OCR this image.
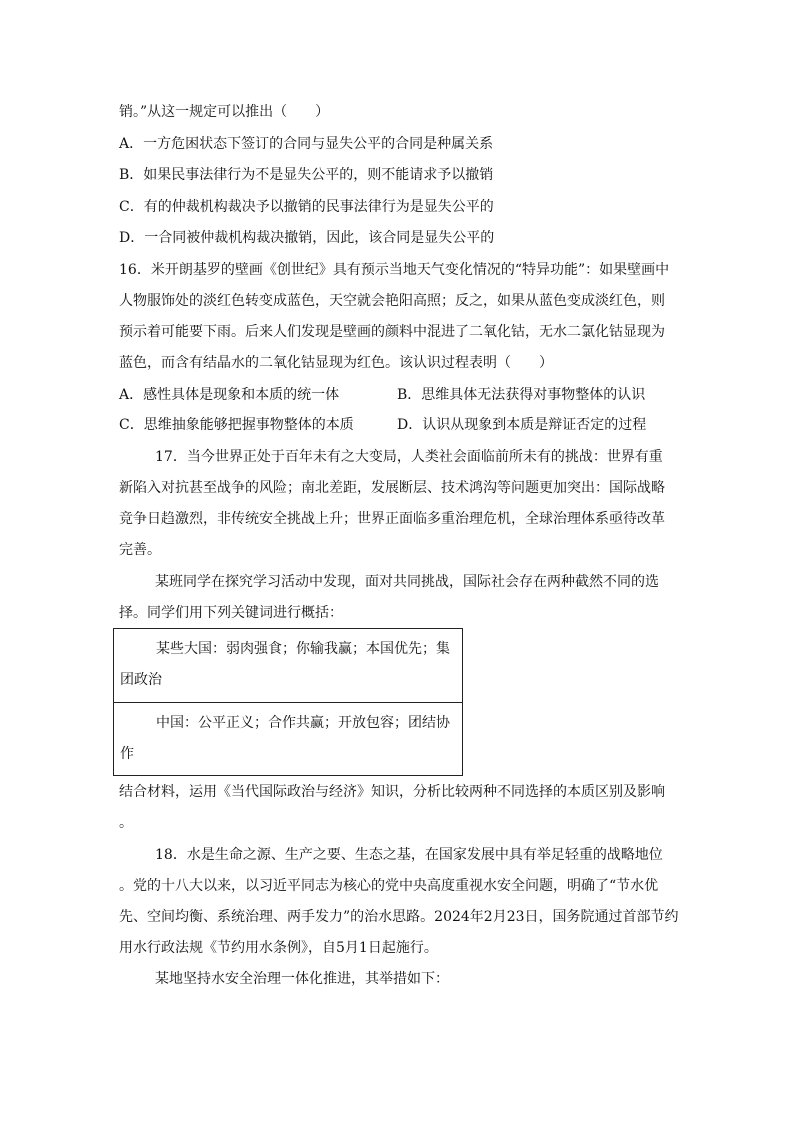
销。”从这一规定可以推出（　　）
A．一方危困状态下签订的合同与显失公平的合同是种属关系
B．如果民事法律行为不是显失公平的，则不能请求予以撤销
C．有的仲裁机构裁决予以撤销的民事法律行为是显失公平的
D．一合同被仲裁机构裁决撤销，因此，该合同是显失公平的
16．米开朗基罗的壁画《创世纪》具有预示当地天气变化情况的“特异功能”：如果壁画中
人物服饰处的淡红色转变成蓝色，天空就会艳阳高照；反之，如果从蓝色变成淡红色，则
预示着可能要下雨。后来人们发现是壁画的颜料中混进了二氧化钴，无水二氯化钴显现为
蓝色，而含有结晶水的二氧化钴显现为红色。该认识过程表明（　　）
A．感性具体是现象和本质的统一体	B．思维具体无法获得对事物整体的认识
C．思维抽象能够把握事物整体的本质	D．认识从现象到本质是辩证否定的过程
17．当今世界正处于百年未有之大变局，人类社会面临前所未有的挑战：世界有重
新陷入对抗甚至战争的风险；南北差距，发展断层、技术鸿沟等问题更加突出：国际战略
竞争日趋激烈，非传统安全挑战上升；世界正面临多重治理危机，全球治理体系亟待改革
完善。
某班同学在探究学习活动中发现，面对共同挑战，国际社会存在两种截然不同的选
择。同学们用下列关键词进行概括：
某些大国：弱肉强食；你输我赢；本国优先；集
团政治
中国：公平正义；合作共赢；开放包容；团结协
作
结合材料，运用《当代国际政治与经济》知识，分析比较两种不同选择的本质区别及影响
。
18．水是生命之源、生产之要、生态之基，在国家发展中具有举足轻重的战略地位
。党的十八大以来，以习近平同志为核心的党中央高度重视水安全问题，明确了“节水优
先、空间均衡、系统治理、两手发力”的治水思路。2024年2月23日，国务院通过首部节约
用水行政法规《节约用水条例》，自5月1日起施行。
某地坚持水安全治理一体化推进，其举措如下：
